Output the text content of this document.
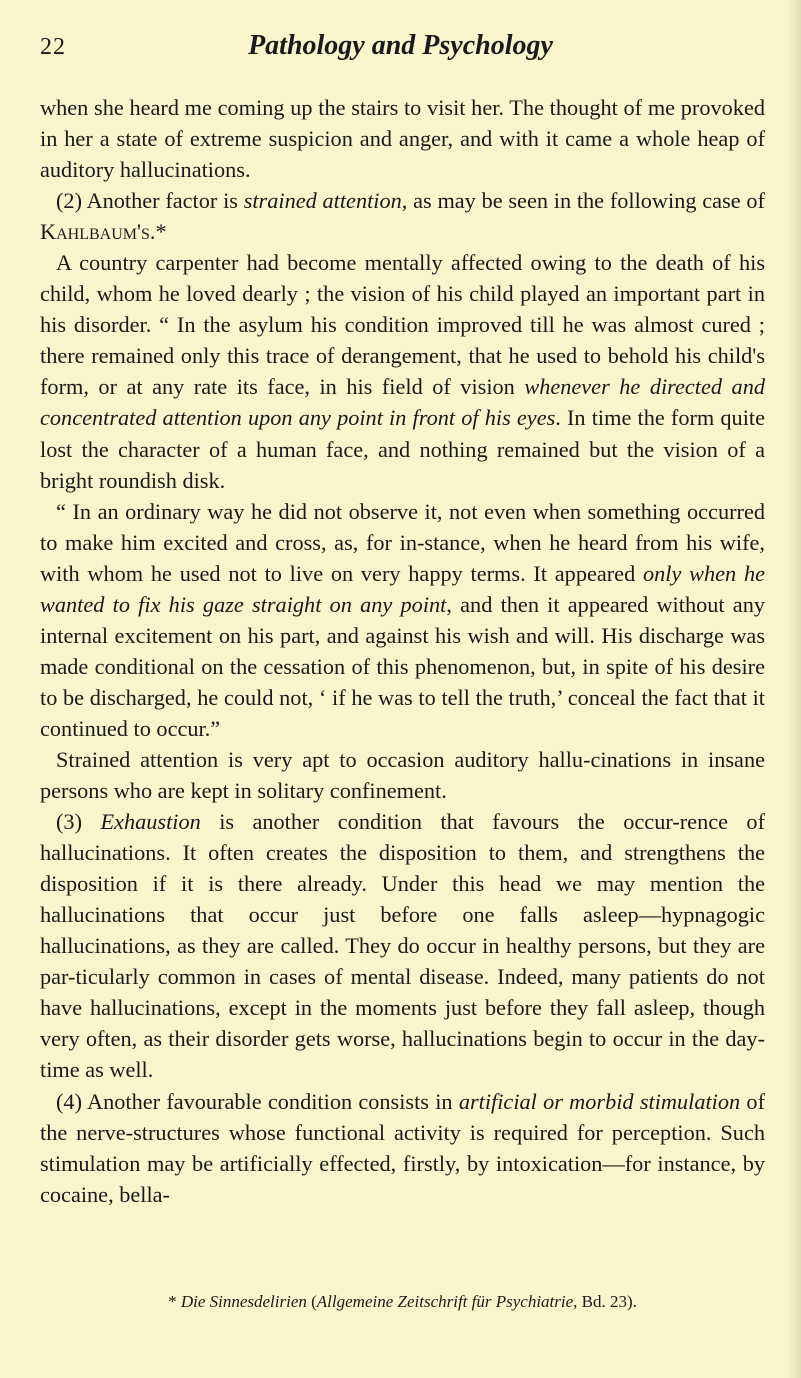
22	Pathology and Psychology

when she heard me coming up the stairs to visit her. The thought of me provoked in her a state of extreme suspicion and anger, and with it came a whole heap of auditory hallucinations.

(2) Another factor is strained attention, as may be seen in the following case of Kahlbaum's.*

A country carpenter had become mentally affected owing to the death of his child, whom he loved dearly ; the vision of his child played an important part in his disorder. “ In the asylum his condition improved till he was almost cured ; there remained only this trace of derangement, that he used to behold his child's form, or at any rate its face, in his field of vision whenever he directed and concentrated attention upon any point in front of his eyes. In time the form quite lost the character of a human face, and nothing remained but the vision of a bright roundish disk.

“ In an ordinary way he did not observe it, not even when something occurred to make him excited and cross, as, for in-stance, when he heard from his wife, with whom he used not to live on very happy terms. It appeared only when he wanted to fix his gaze straight on any point, and then it appeared without any internal excitement on his part, and against his wish and will. His discharge was made conditional on the cessation of this phenomenon, but, in spite of his desire to be discharged, he could not, ‘ if he was to tell the truth,’ conceal the fact that it continued to occur.”

Strained attention is very apt to occasion auditory hallu-cinations in insane persons who are kept in solitary confinement.

(3) Exhaustion is another condition that favours the occur-rence of hallucinations. It often creates the disposition to them, and strengthens the disposition if it is there already. Under this head we may mention the hallucinations that occur just before one falls asleep—hypnagogic hallucinations, as they are called. They do occur in healthy persons, but they are par-ticularly common in cases of mental disease. Indeed, many patients do not have hallucinations, except in the moments just before they fall asleep, though very often, as their disorder gets worse, hallucinations begin to occur in the day-time as well.

(4) Another favourable condition consists in artificial or morbid stimulation of the nerve-structures whose functional activity is required for perception. Such stimulation may be artificially effected, firstly, by intoxication—for instance, by cocaine, bella-

* Die Sinnesdelirien (Allgemeine Zeitschrift für Psychiatrie, Bd. 23).
